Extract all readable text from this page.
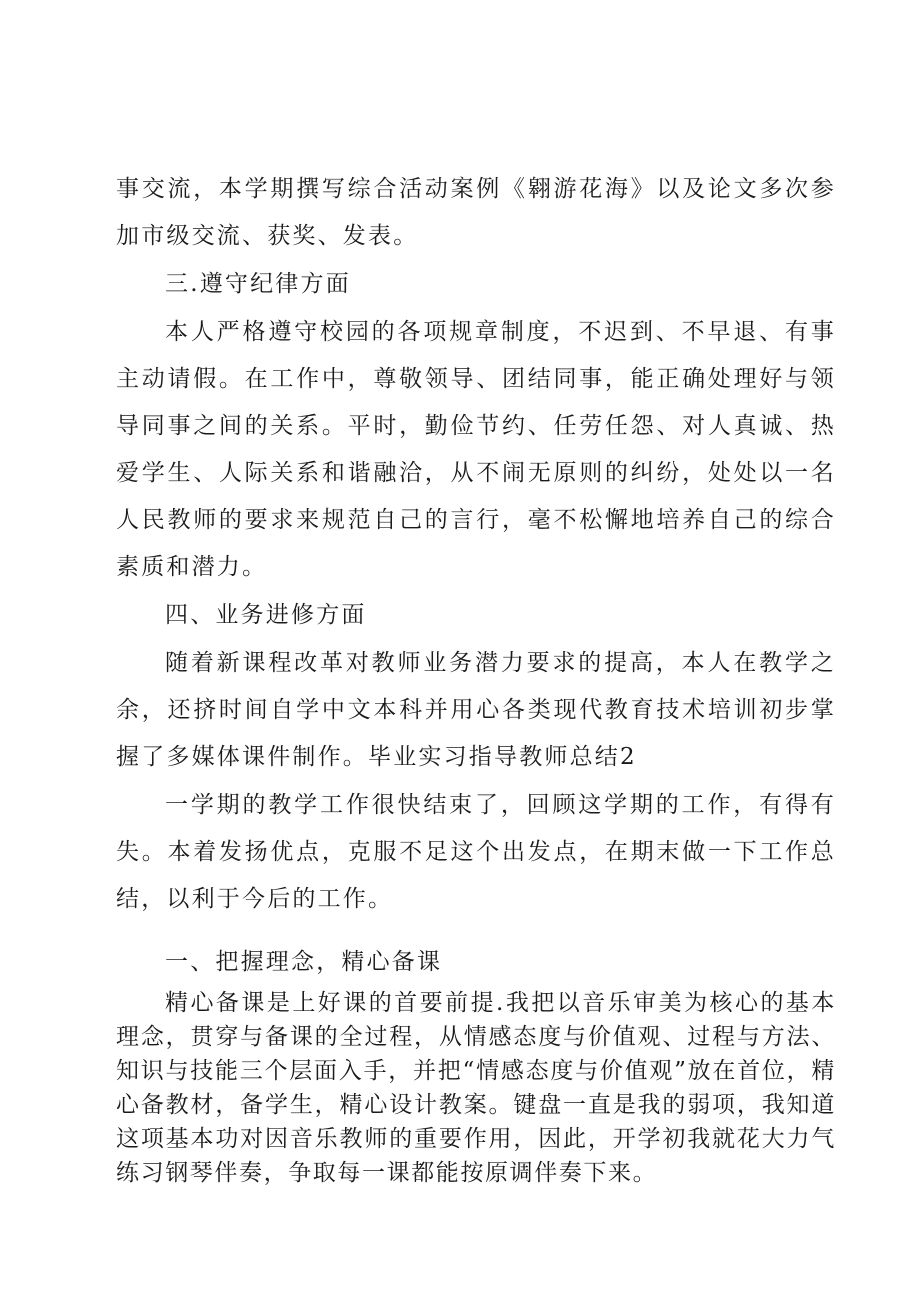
事交流，本学期撰写综合活动案例《翱游花海》以及论文多次参加市级交流、获奖、发表。

三.遵守纪律方面

本人严格遵守校园的各项规章制度，不迟到、不早退、有事主动请假。在工作中，尊敬领导、团结同事，能正确处理好与领导同事之间的关系。平时，勤俭节约、任劳任怨、对人真诚、热爱学生、人际关系和谐融洽，从不闹无原则的纠纷，处处以一名人民教师的要求来规范自己的言行，毫不松懈地培养自己的综合素质和潜力。

四、业务进修方面

随着新课程改革对教师业务潜力要求的提高，本人在教学之余，还挤时间自学中文本科并用心各类现代教育技术培训初步掌握了多媒体课件制作。毕业实习指导教师总结2

一学期的教学工作很快结束了，回顾这学期的工作，有得有失。本着发扬优点，克服不足这个出发点，在期末做一下工作总结，以利于今后的工作。

一、把握理念，精心备课

精心备课是上好课的首要前提.我把以音乐审美为核心的基本理念，贯穿与备课的全过程，从情感态度与价值观、过程与方法、知识与技能三个层面入手，并把“情感态度与价值观”放在首位，精心备教材，备学生，精心设计教案。键盘一直是我的弱项，我知道这项基本功对因音乐教师的重要作用，因此，开学初我就花大力气练习钢琴伴奏，争取每一课都能按原调伴奏下来。
